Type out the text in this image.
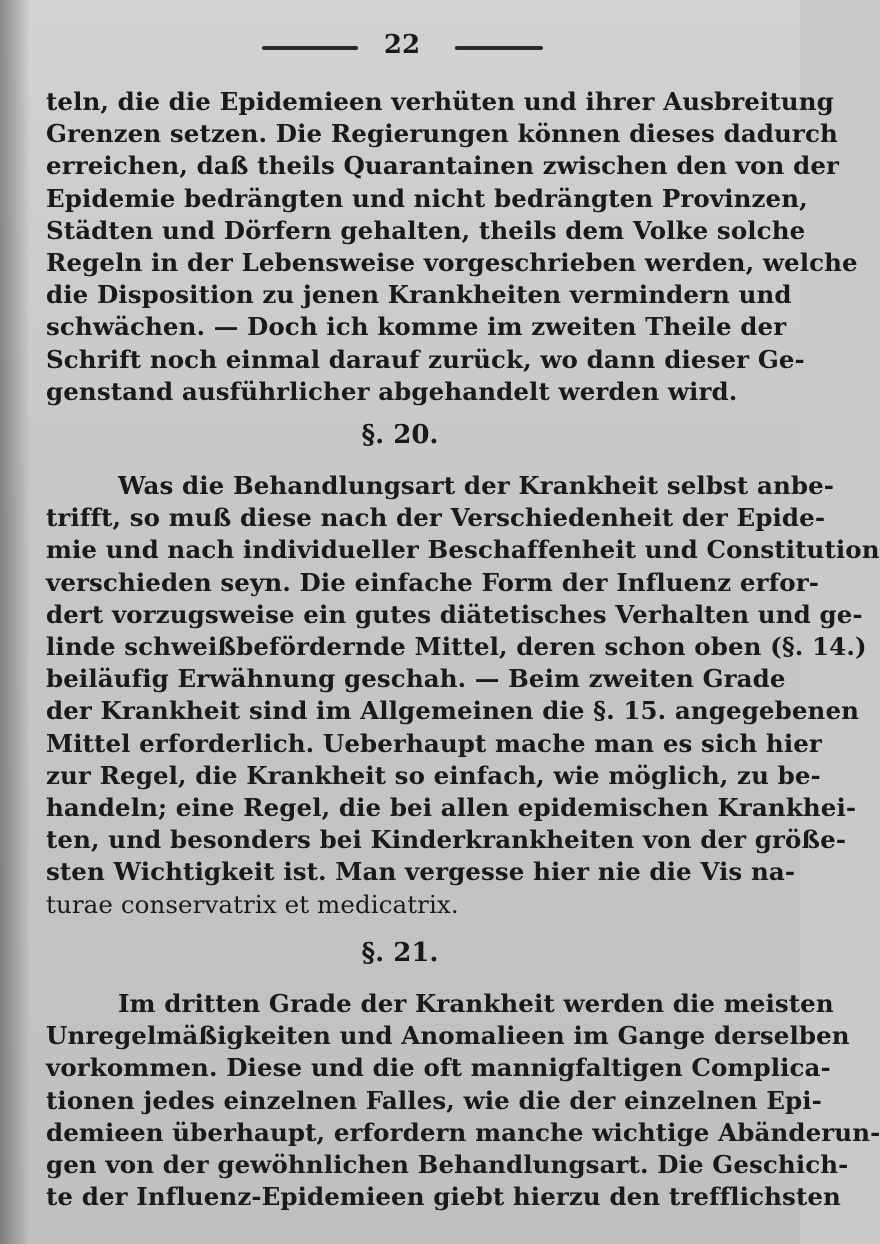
22
teln, die die Epidemieen verhüten und ihrer Ausbreitung
Grenzen setzen. Die Regierungen können dieses dadurch
erreichen, daß theils Quarantainen zwischen den von der
Epidemie bedrängten und nicht bedrängten Provinzen,
Städten und Dörfern gehalten, theils dem Volke solche
Regeln in der Lebensweise vorgeschrieben werden, welche
die Disposition zu jenen Krankheiten vermindern und
schwächen. — Doch ich komme im zweiten Theile der
Schrift noch einmal darauf zurück, wo dann dieser Ge-
genstand ausführlicher abgehandelt werden wird.
§. 20.
Was die Behandlungsart der Krankheit selbst anbe-
trifft, so muß diese nach der Verschiedenheit der Epide-
mie und nach individueller Beschaffenheit und Constitution
verschieden seyn. Die einfache Form der Influenz erfor-
dert vorzugsweise ein gutes diätetisches Verhalten und ge-
linde schweißbefördernde Mittel, deren schon oben (§. 14.)
beiläufig Erwähnung geschah. — Beim zweiten Grade
der Krankheit sind im Allgemeinen die §. 15. angegebenen
Mittel erforderlich. Ueberhaupt mache man es sich hier
zur Regel, die Krankheit so einfach, wie möglich, zu be-
handeln; eine Regel, die bei allen epidemischen Krankhei-
ten, und besonders bei Kinderkrankheiten von der größe-
sten Wichtigkeit ist. Man vergesse hier nie die Vis na-
turae conservatrix et medicatrix.
§. 21.
Im dritten Grade der Krankheit werden die meisten
Unregelmäßigkeiten und Anomalieen im Gange derselben
vorkommen. Diese und die oft mannigfaltigen Complica-
tionen jedes einzelnen Falles, wie die der einzelnen Epi-
demieen überhaupt, erfordern manche wichtige Abänderun-
gen von der gewöhnlichen Behandlungsart. Die Geschich-
te der Influenz-Epidemieen giebt hierzu den trefflichsten
